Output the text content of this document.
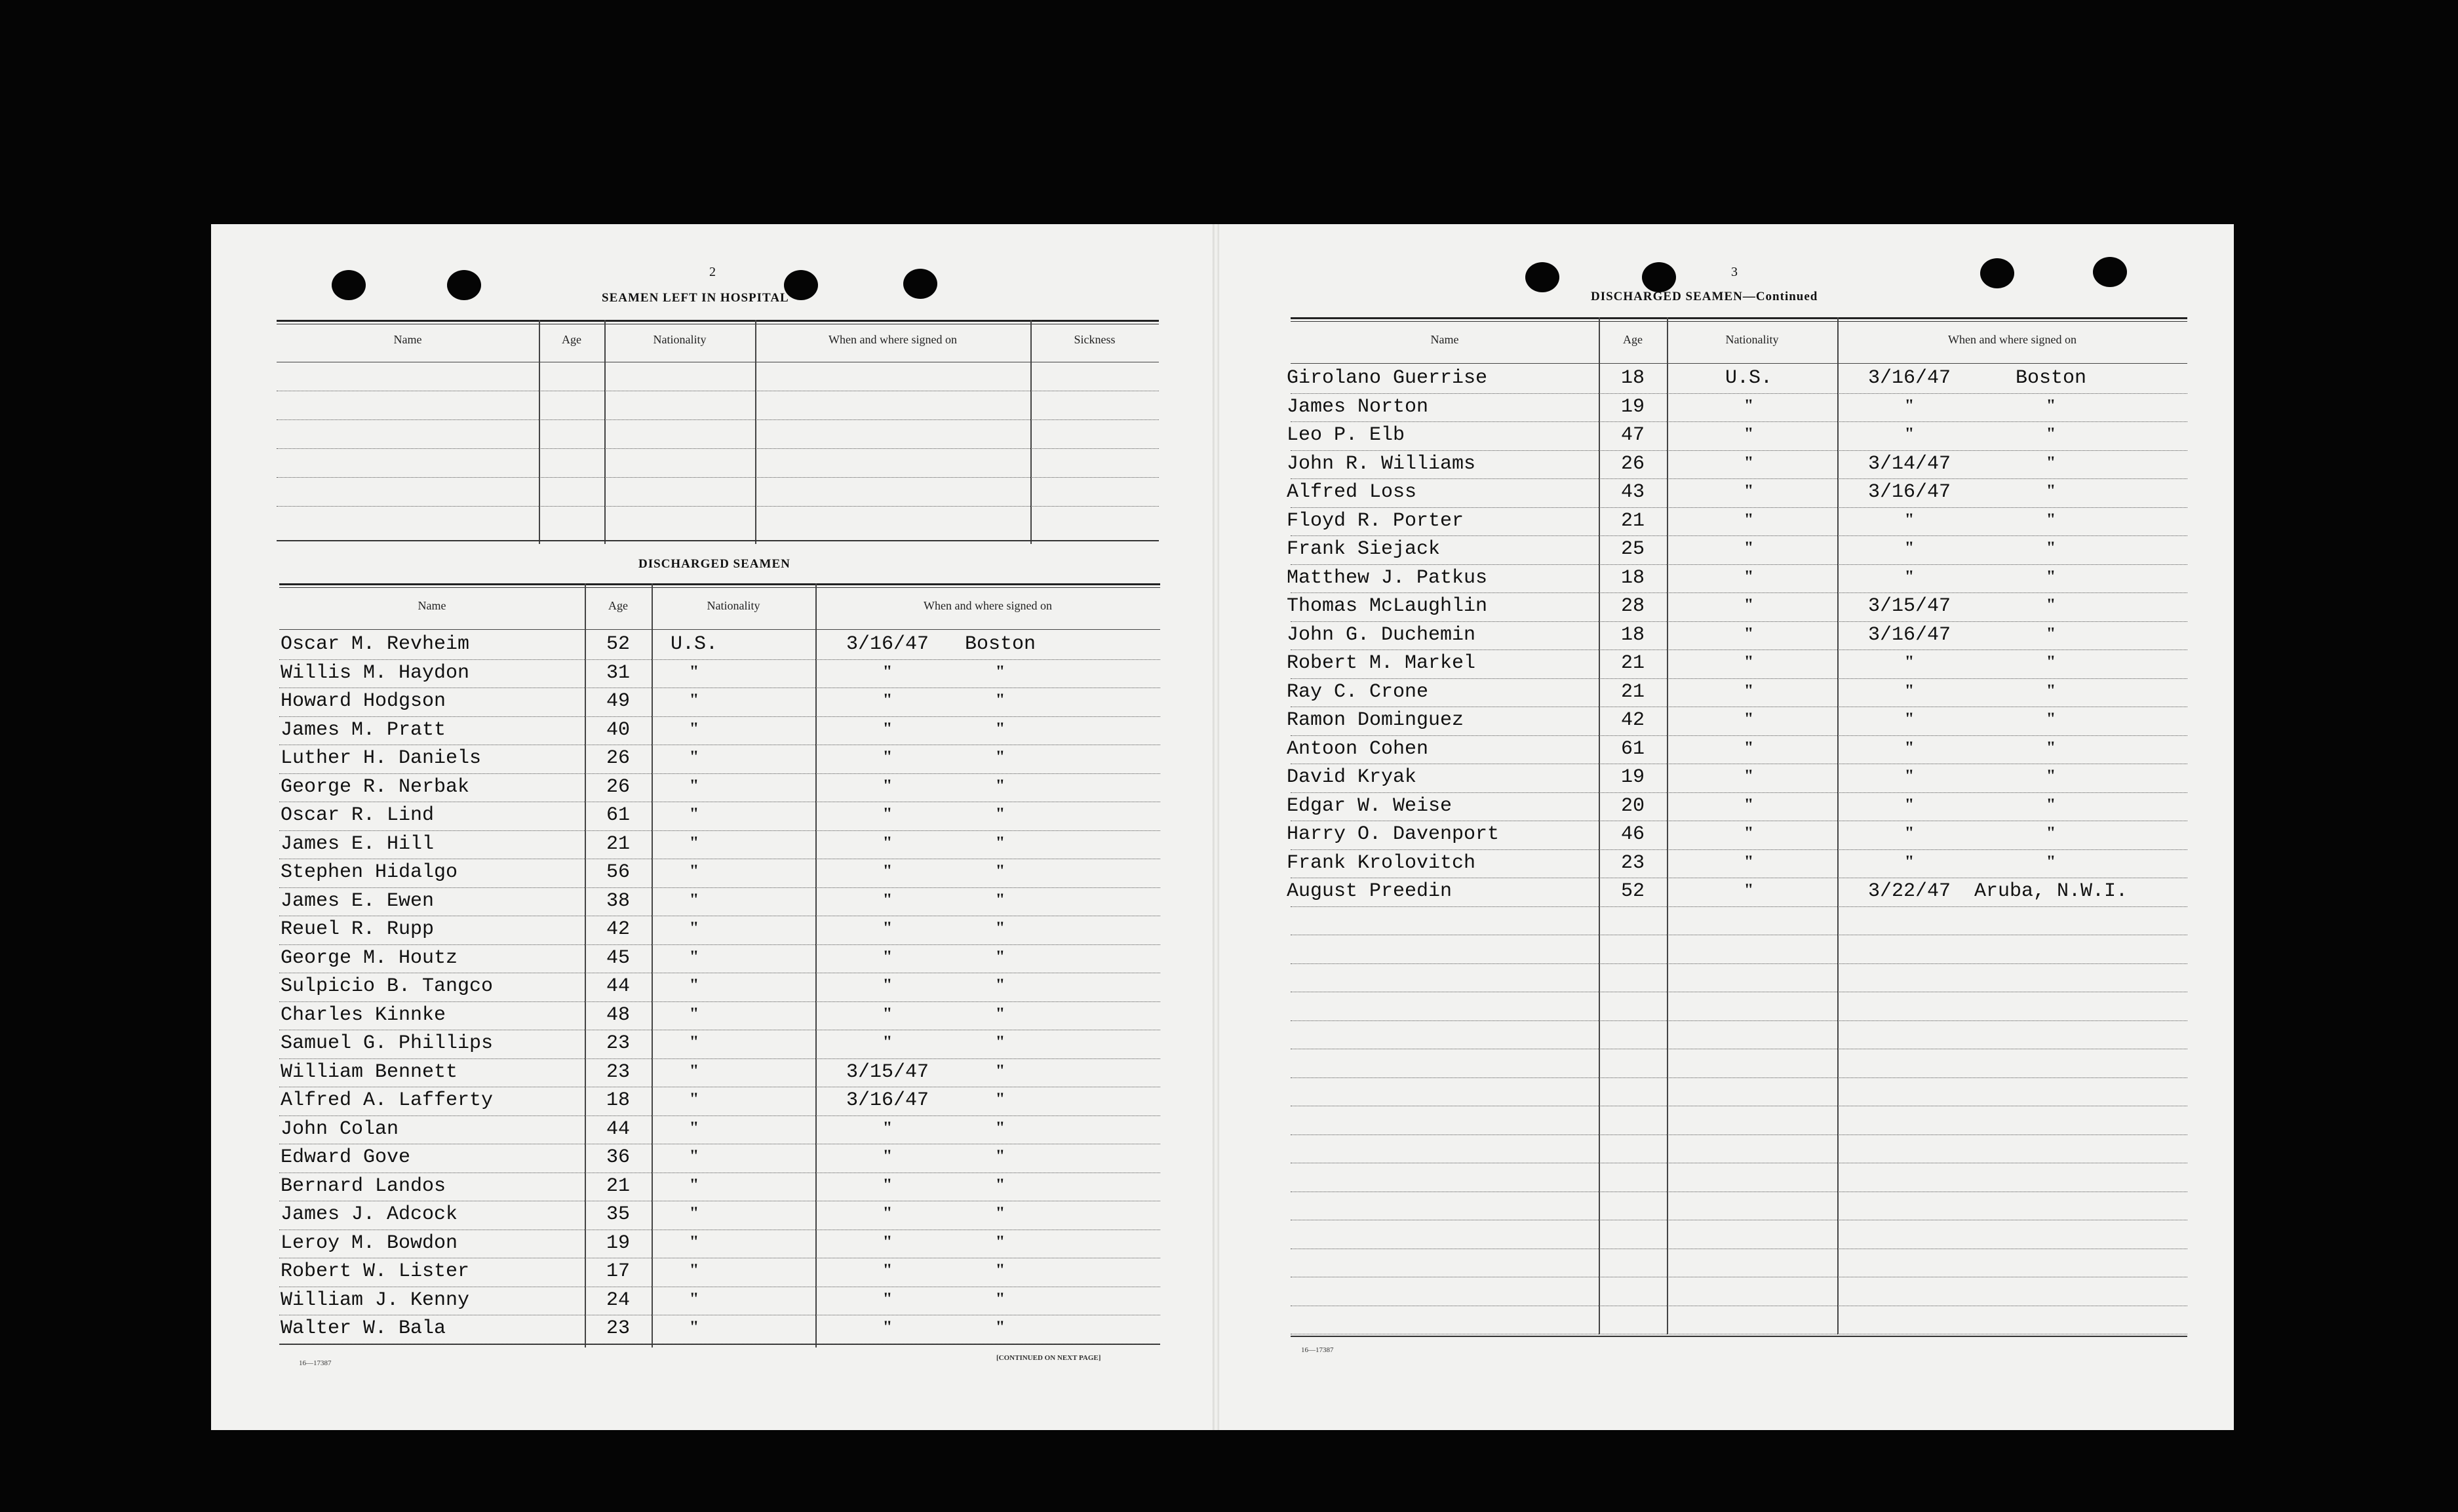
2
SEAMEN LEFT IN HOSPITAL
Name	Age	Nationality	When and where signed on	Sickness
DISCHARGED SEAMEN
Name	Age	Nationality	When and where signed on
Oscar M. Revheim	52	U.S.	3/16/47	Boston
Willis M. Haydon	31	"	"	"
Howard Hodgson	49	"	"	"
James M. Pratt	40	"	"	"
Luther H. Daniels	26	"	"	"
George R. Nerbak	26	"	"	"
Oscar R. Lind	61	"	"	"
James E. Hill	21	"	"	"
Stephen Hidalgo	56	"	"	"
James E. Ewen	38	"	"	"
Reuel R. Rupp	42	"	"	"
George M. Houtz	45	"	"	"
Sulpicio B. Tangco	44	"	"	"
Charles Kinnke	48	"	"	"
Samuel G. Phillips	23	"	"	"
William Bennett	23	"	3/15/47	"
Alfred A. Lafferty	18	"	3/16/47	"
John Colan	44	"	"	"
Edward Gove	36	"	"	"
Bernard Landos	21	"	"	"
James J. Adcock	35	"	"	"
Leroy M. Bowdon	19	"	"	"
Robert W. Lister	17	"	"	"
William J. Kenny	24	"	"	"
Walter W. Bala	23	"	"	"
16—17387
[CONTINUED ON NEXT PAGE]
3
DISCHARGED SEAMEN—Continued
Name	Age	Nationality	When and where signed on
Girolano Guerrise	18	U.S.	3/16/47	Boston
James Norton	19	"	"	"
Leo P. Elb	47	"	"	"
John R. Williams	26	"	3/14/47	"
Alfred Loss	43	"	3/16/47	"
Floyd R. Porter	21	"	"	"
Frank Siejack	25	"	"	"
Matthew J. Patkus	18	"	"	"
Thomas McLaughlin	28	"	3/15/47	"
John G. Duchemin	18	"	3/16/47	"
Robert M. Markel	21	"	"	"
Ray C. Crone	21	"	"	"
Ramon Dominguez	42	"	"	"
Antoon Cohen	61	"	"	"
David Kryak	19	"	"	"
Edgar W. Weise	20	"	"	"
Harry O. Davenport	46	"	"	"
Frank Krolovitch	23	"	"	"
August Preedin	52	"	3/22/47	Aruba, N.W.I.
16—17387
